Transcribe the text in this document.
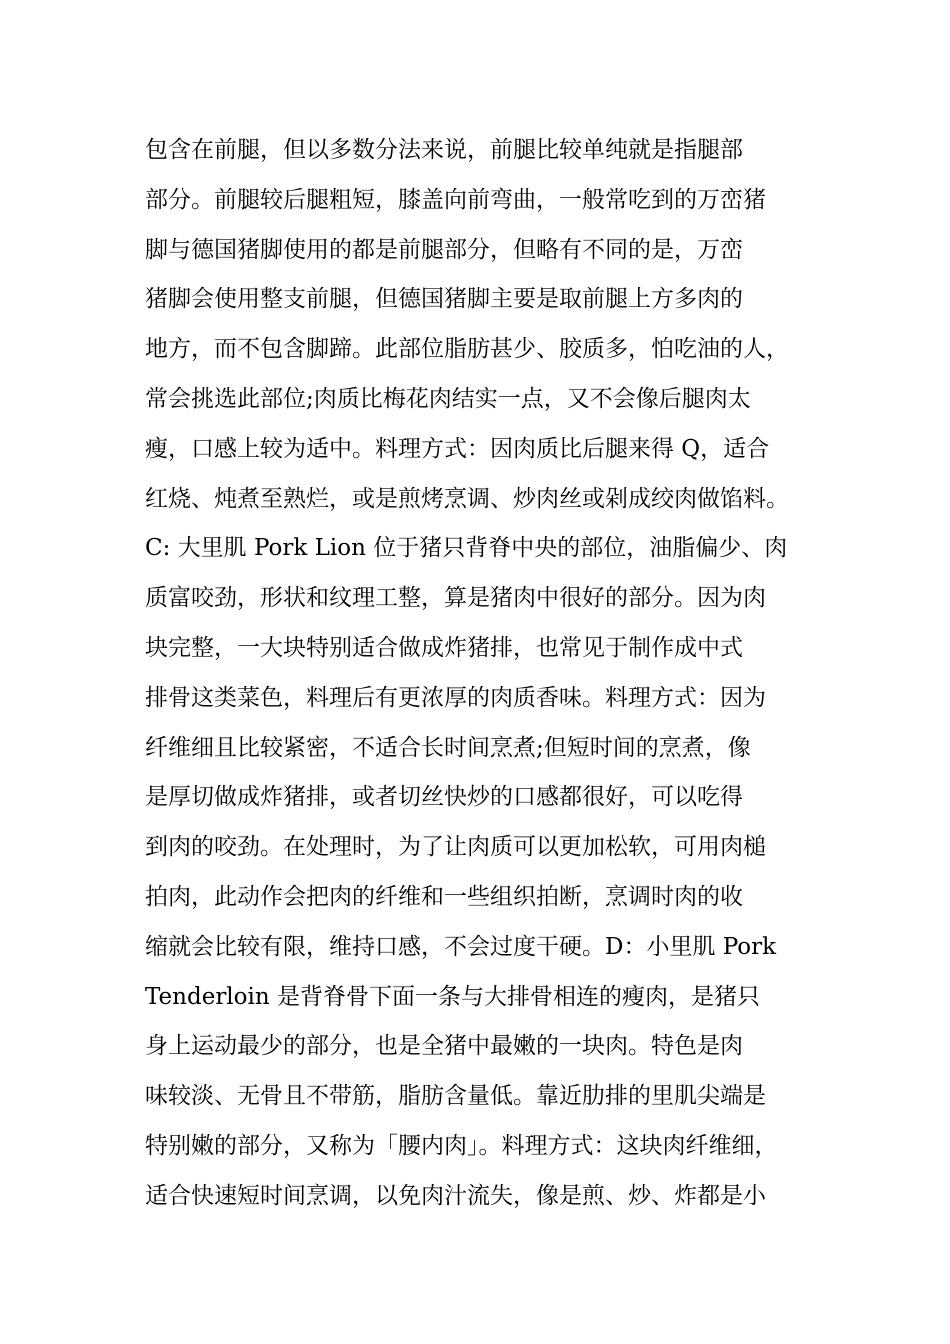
包含在前腿，但以多数分法来说，前腿比较单纯就是指腿部
部分。前腿较后腿粗短，膝盖向前弯曲，一般常吃到的万峦猪
脚与德国猪脚使用的都是前腿部分，但略有不同的是，万峦
猪脚会使用整支前腿，但德国猪脚主要是取前腿上方多肉的
地方，而不包含脚蹄。此部位脂肪甚少、胶质多，怕吃油的人，
常会挑选此部位;肉质比梅花肉结实一点，又不会像后腿肉太
瘦，口感上较为适中。料理方式：因肉质比后腿来得 Q，适合
红烧、炖煮至熟烂，或是煎烤烹调、炒肉丝或剁成绞肉做馅料。
C: 大里肌 Pork Lion 位于猪只背脊中央的部位，油脂偏少、肉
质富咬劲，形状和纹理工整，算是猪肉中很好的部分。因为肉
块完整，一大块特别适合做成炸猪排，也常见于制作成中式
排骨这类菜色，料理后有更浓厚的肉质香味。料理方式：因为
纤维细且比较紧密，不适合长时间烹煮;但短时间的烹煮，像
是厚切做成炸猪排，或者切丝快炒的口感都很好，可以吃得
到肉的咬劲。在处理时，为了让肉质可以更加松软，可用肉槌
拍肉，此动作会把肉的纤维和一些组织拍断，烹调时肉的收
缩就会比较有限，维持口感，不会过度干硬。D：小里肌 Pork
Tenderloin 是背脊骨下面一条与大排骨相连的瘦肉，是猪只
身上运动最少的部分，也是全猪中最嫩的一块肉。特色是肉
味较淡、无骨且不带筋，脂肪含量低。靠近肋排的里肌尖端是
特别嫩的部分，又称为「腰内肉」。料理方式：这块肉纤维细，
适合快速短时间烹调，以免肉汁流失，像是煎、炒、炸都是小
